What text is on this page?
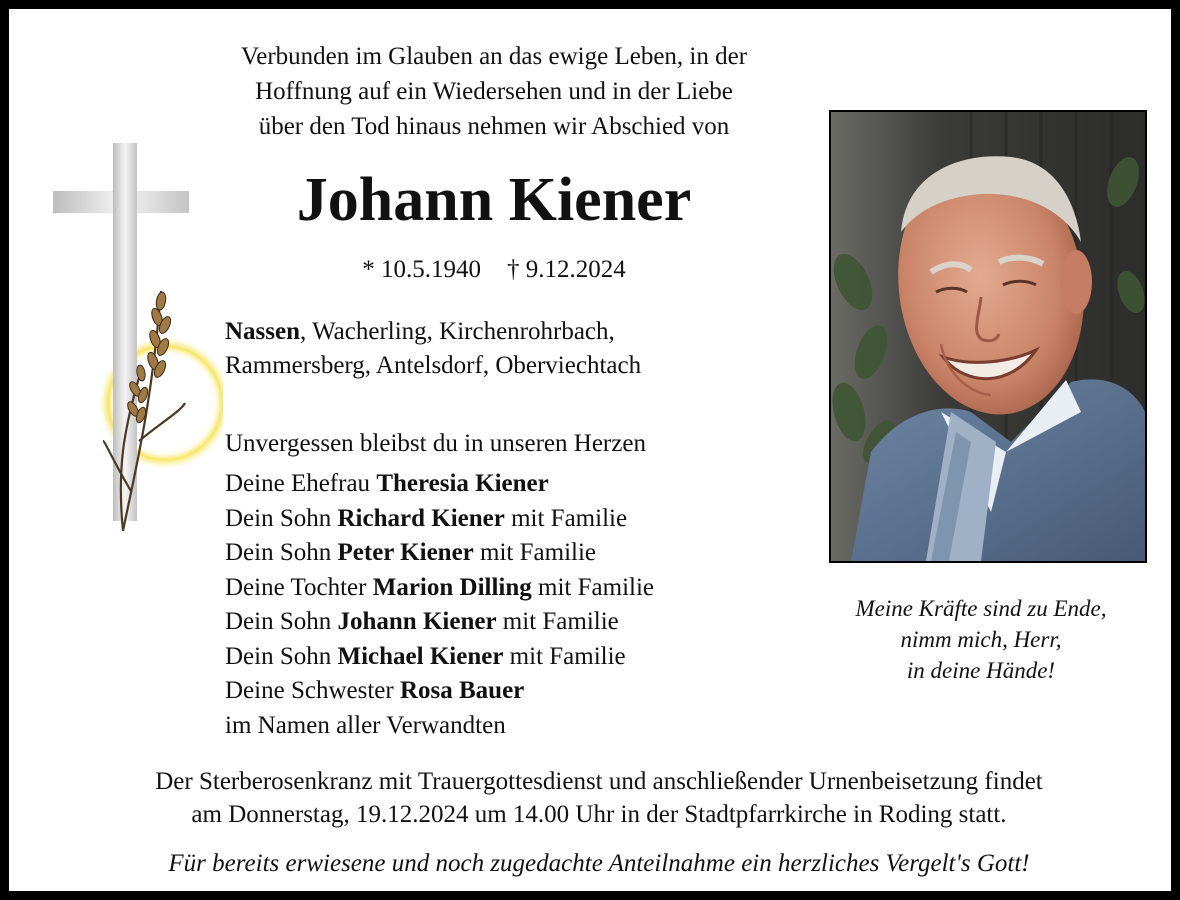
Verbunden im Glauben an das ewige Leben, in der
Hoffnung auf ein Wiedersehen und in der Liebe
über den Tod hinaus nehmen wir Abschied von
Johann Kiener
* 10.5.1940 † 9.12.2024
Nassen, Wacherling, Kirchenrohrbach,
Rammersberg, Antelsdorf, Oberviechtach
Unvergessen bleibst du in unseren Herzen
Deine Ehefrau Theresia Kiener
Dein Sohn Richard Kiener mit Familie
Dein Sohn Peter Kiener mit Familie
Deine Tochter Marion Dilling mit Familie
Dein Sohn Johann Kiener mit Familie
Dein Sohn Michael Kiener mit Familie
Deine Schwester Rosa Bauer
im Namen aller Verwandten
Meine Kräfte sind zu Ende,
nimm mich, Herr,
in deine Hände!
Der Sterberosenkranz mit Trauergottesdienst und anschließender Urnenbeisetzung findet
am Donnerstag, 19.12.2024 um 14.00 Uhr in der Stadtpfarrkirche in Roding statt.
Für bereits erwiesene und noch zugedachte Anteilnahme ein herzliches Vergelt's Gott!
